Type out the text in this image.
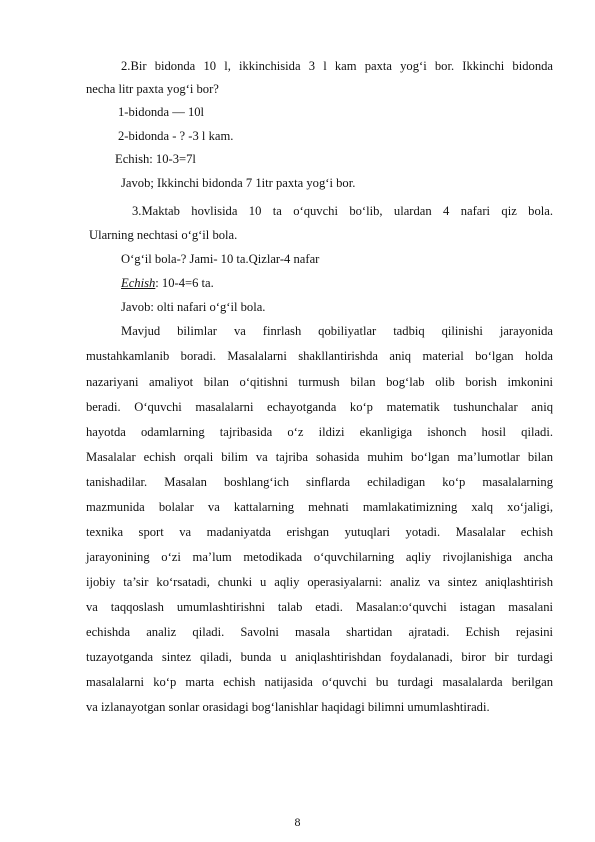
2.Bir bidonda 10 l, ikkinchisida 3 l kam paxta yog‘i bor. Ikkinchi bidonda
necha litr paxta yog‘i bor?
1-bidonda — 10l
2-bidonda - ? -3 l kam.
Echish: 10-3=7l
Javob; Ikkinchi bidonda 7 1itr paxta yog‘i bor.
3.Maktab hovlisida 10 ta o‘quvchi bo‘lib, ulardan 4 nafari qiz bola.
Ularning nechtasi o‘g‘il bola.
O‘g‘il bola-? Jami- 10 ta.Qizlar-4 nafar
Echish: 10-4=6 ta.
Javob: olti nafari o‘g‘il bola.
Mavjud bilimlar va finrlash qobiliyatlar tadbiq qilinishi jarayonida
mustahkamlanib boradi. Masalalarni shakllantirishda aniq material bo‘lgan holda
nazariyani amaliyot bilan o‘qitishni turmush bilan bog‘lab olib borish imkonini
beradi. O‘quvchi masalalarni echayotganda ko‘p matematik tushunchalar aniq
hayotda odamlarning tajribasida o‘z ildizi ekanligiga ishonch hosil qiladi.
Masalalar echish orqali bilim va tajriba sohasida muhim bo‘lgan ma’lumotlar bilan
tanishadilar. Masalan boshlang‘ich sinflarda echiladigan ko‘p masalalarning
mazmunida bolalar va kattalarning mehnati mamlakatimizning xalq xo‘jaligi,
texnika sport va madaniyatda erishgan yutuqlari yotadi. Masalalar echish
jarayonining o‘zi ma’lum metodikada o‘quvchilarning aqliy rivojlanishiga ancha
ijobiy ta’sir ko‘rsatadi, chunki u aqliy operasiyalarni: analiz va sintez aniqlashtirish
va taqqoslash umumlashtirishni talab etadi. Masalan:o‘quvchi istagan masalani
echishda analiz qiladi. Savolni masala shartidan ajratadi. Echish rejasini
tuzayotganda sintez qiladi, bunda u aniqlashtirishdan foydalanadi, biror bir turdagi
masalalarni ko‘p marta echish natijasida o‘quvchi bu turdagi masalalarda berilgan
va izlanayotgan sonlar orasidagi bog‘lanishlar haqidagi bilimni umumlashtiradi.
8
